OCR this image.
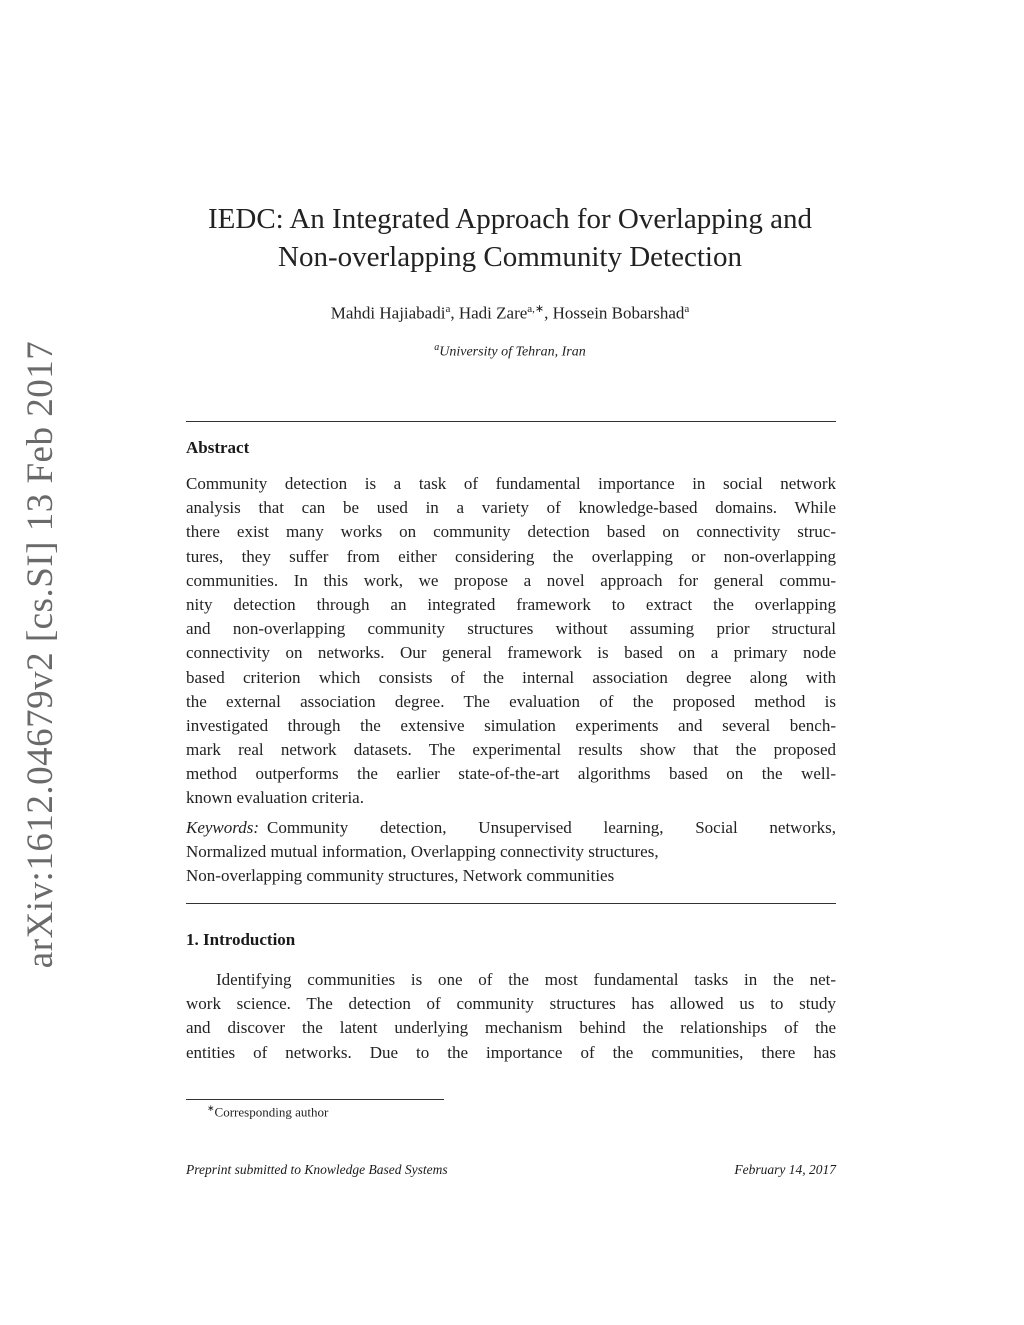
arXiv:1612.04679v2 [cs.SI] 13 Feb 2017
IEDC: An Integrated Approach for Overlapping and
Non-overlapping Community Detection
Mahdi Hajiabadi$^a$, Hadi Zare$^{a,∗}$, Hossein Bobarshad$^a$
$^a$University of Tehran, Iran
Abstract
Community detection is a task of fundamental importance in social network
analysis that can be used in a variety of knowledge-based domains. While
there exist many works on community detection based on connectivity struc-
tures, they suffer from either considering the overlapping or non-overlapping
communities. In this work, we propose a novel approach for general commu-
nity detection through an integrated framework to extract the overlapping
and non-overlapping community structures without assuming prior structural
connectivity on networks. Our general framework is based on a primary node
based criterion which consists of the internal association degree along with
the external association degree. The evaluation of the proposed method is
investigated through the extensive simulation experiments and several bench-
mark real network datasets. The experimental results show that the proposed
method outperforms the earlier state-of-the-art algorithms based on the well-
known evaluation criteria.
Keywords: Community detection, Unsupervised learning, Social networks,
Normalized mutual information, Overlapping connectivity structures,
Non-overlapping community structures, Network communities
1. Introduction
Identifying communities is one of the most fundamental tasks in the net-
work science. The detection of community structures has allowed us to study
and discover the latent underlying mechanism behind the relationships of the
entities of networks. Due to the importance of the communities, there has
∗Corresponding author
Preprint submitted to Knowledge Based Systems	February 14, 2017
